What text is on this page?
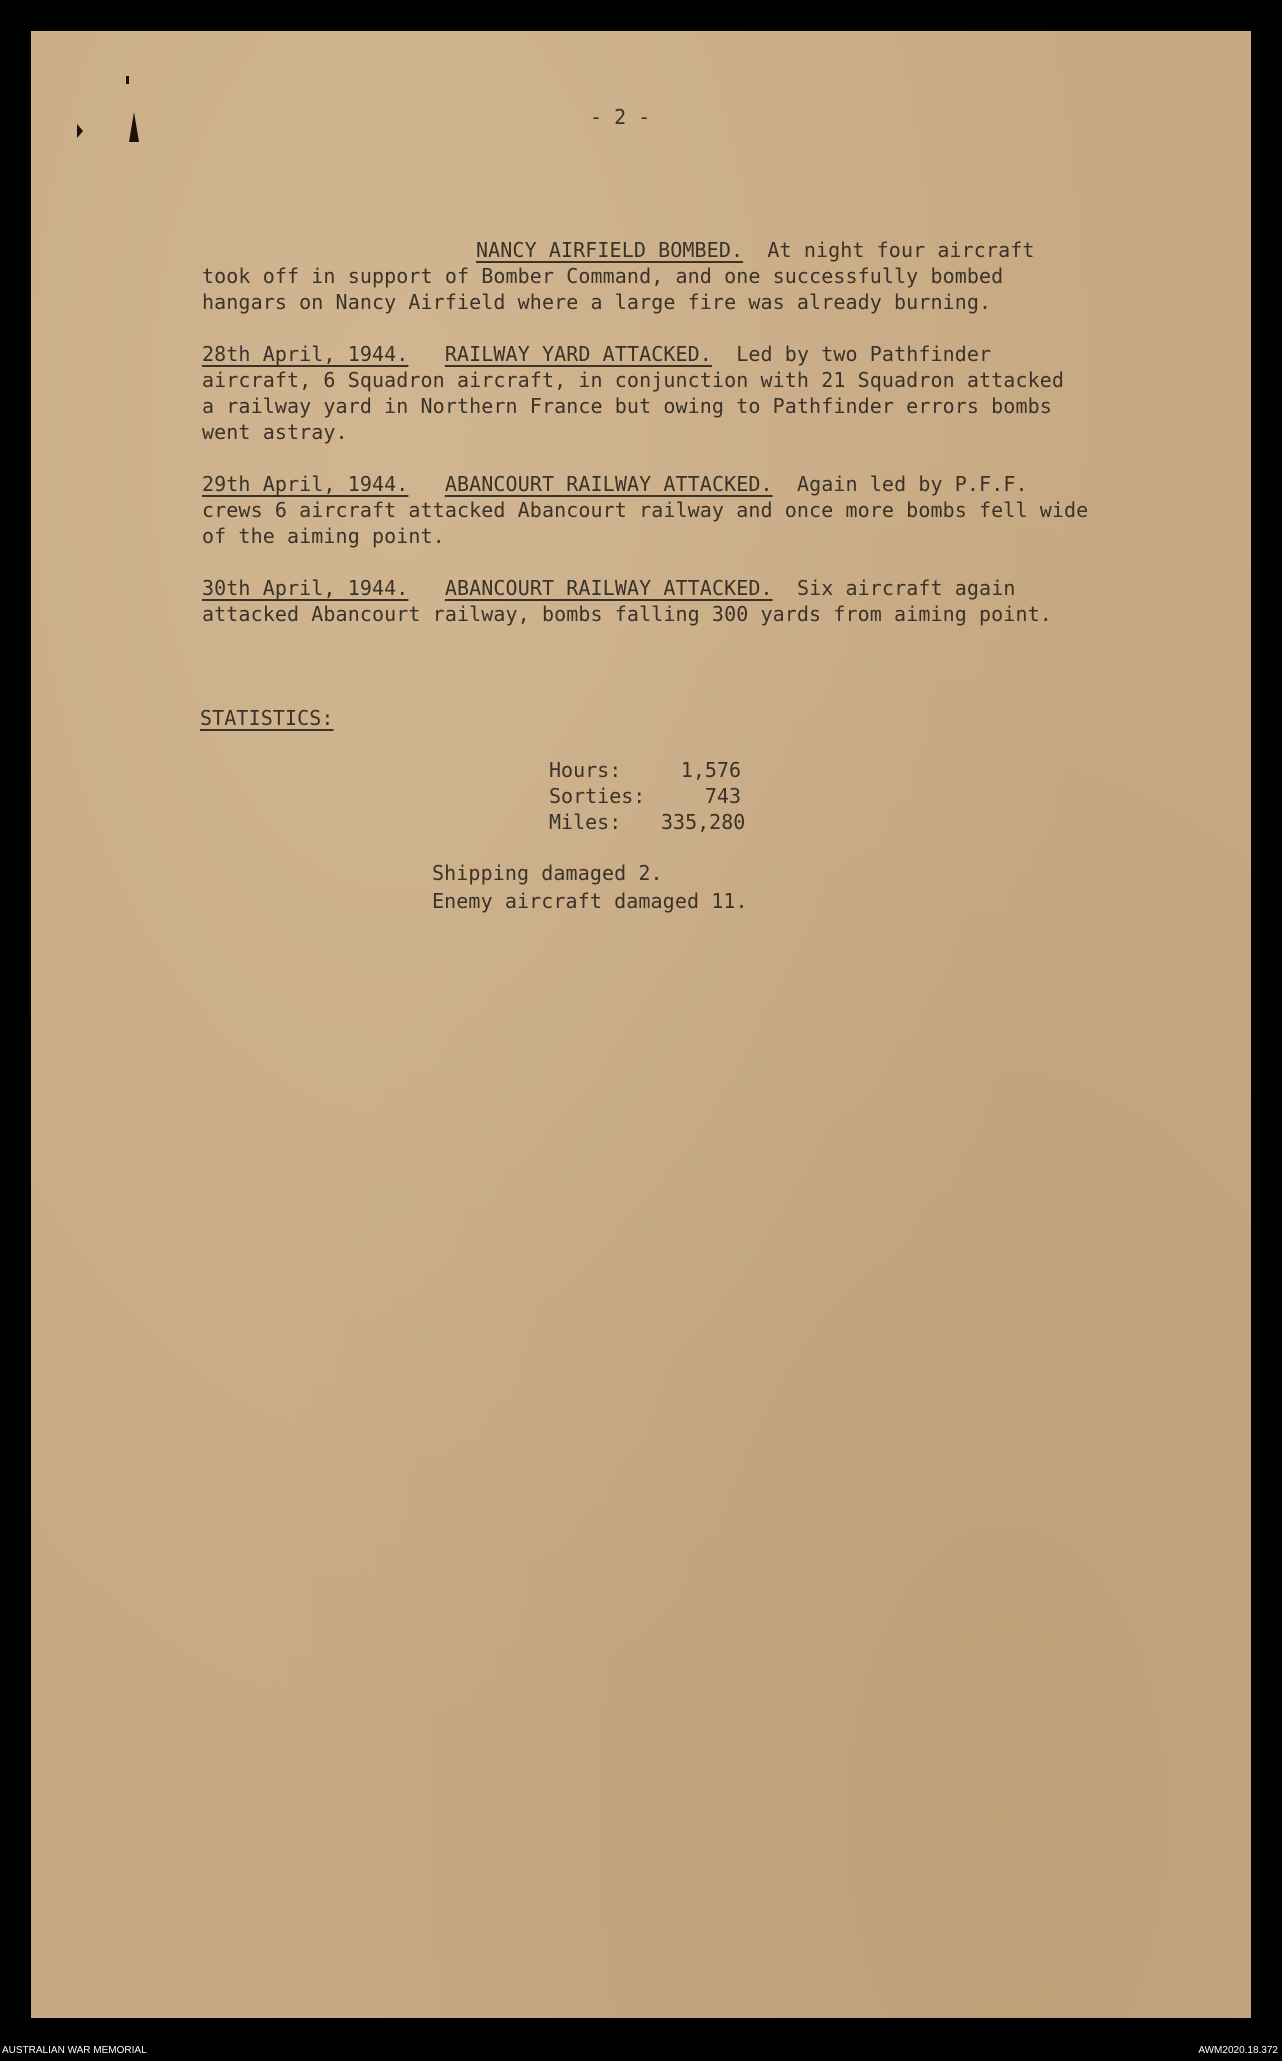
- 2 -
NANCY AIRFIELD BOMBED.  At night four aircraft
took off in support of Bomber Command, and one successfully bombed
hangars on Nancy Airfield where a large fire was already burning.
28th April, 1944. RAILWAY YARD ATTACKED.  Led by two Pathfinder
aircraft, 6 Squadron aircraft, in conjunction with 21 Squadron attacked
a railway yard in Northern France but owing to Pathfinder errors bombs
went astray.
29th April, 1944. ABANCOURT RAILWAY ATTACKED.  Again led by P.F.F.
crews 6 aircraft attacked Abancourt railway and once more bombs fell wide
of the aiming point.
30th April, 1944. ABANCOURT RAILWAY ATTACKED.  Six aircraft again
attacked Abancourt railway, bombs falling 300 yards from aiming point.
STATISTICS:
Hours:	1,576
Sorties:	743
Miles:	335,280
Shipping damaged 2.
Enemy aircraft damaged 11.
AUSTRALIAN WAR MEMORIAL	AWM2020.18.372
